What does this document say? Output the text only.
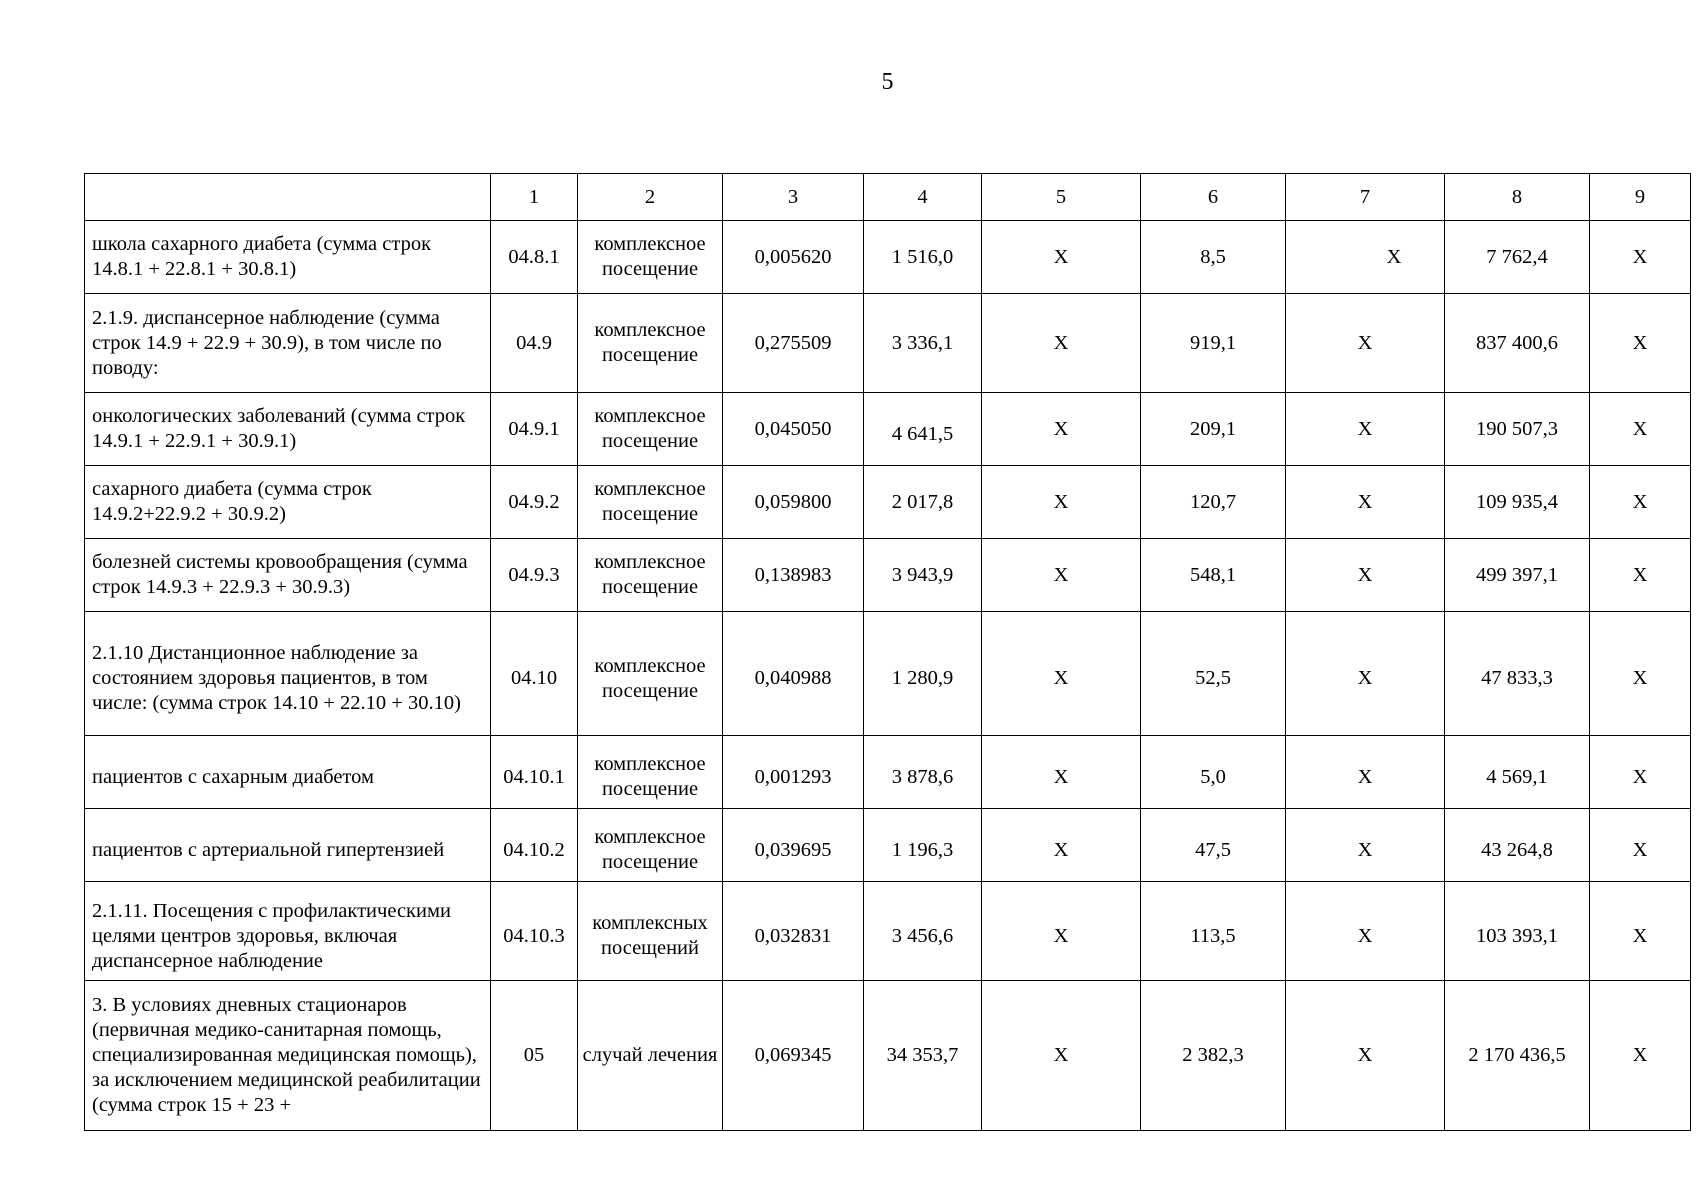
5
	1	2	3	4	5	6	7	8	9
школа сахарного диабета (сумма строк 14.8.1 + 22.8.1 + 30.8.1)	04.8.1	комплексное посещение	0,005620	1 516,0	Х	8,5	Х	7 762,4	Х
2.1.9. диспансерное наблюдение (сумма строк 14.9 + 22.9 + 30.9), в том числе по поводу:	04.9	комплексное посещение	0,275509	3 336,1	Х	919,1	Х	837 400,6	Х
онкологических заболеваний (сумма строк 14.9.1 + 22.9.1 + 30.9.1)	04.9.1	комплексное посещение	0,045050	4 641,5	Х	209,1	Х	190 507,3	Х
сахарного диабета (сумма строк 14.9.2+22.9.2 + 30.9.2)	04.9.2	комплексное посещение	0,059800	2 017,8	Х	120,7	Х	109 935,4	Х
болезней системы кровообращения (сумма строк 14.9.3 + 22.9.3 + 30.9.3)	04.9.3	комплексное посещение	0,138983	3 943,9	Х	548,1	Х	499 397,1	Х
2.1.10 Дистанционное наблюдение за состоянием здоровья пациентов, в том числе: (сумма строк 14.10 + 22.10 + 30.10)	04.10	комплексное посещение	0,040988	1 280,9	Х	52,5	Х	47 833,3	Х
пациентов с сахарным диабетом	04.10.1	комплексное посещение	0,001293	3 878,6	Х	5,0	Х	4 569,1	Х
пациентов с артериальной гипертензией	04.10.2	комплексное посещение	0,039695	1 196,3	Х	47,5	Х	43 264,8	Х
2.1.11. Посещения с профилактическими целями центров здоровья, включая диспансерное наблюдение	04.10.3	комплексных посещений	0,032831	3 456,6	Х	113,5	Х	103 393,1	Х
3. В условиях дневных стационаров (первичная медико-санитарная помощь, специализированная медицинская помощь), за исключением медицинской реабилитации (сумма строк 15 + 23 +	05	случай лечения	0,069345	34 353,7	Х	2 382,3	Х	2 170 436,5	Х
